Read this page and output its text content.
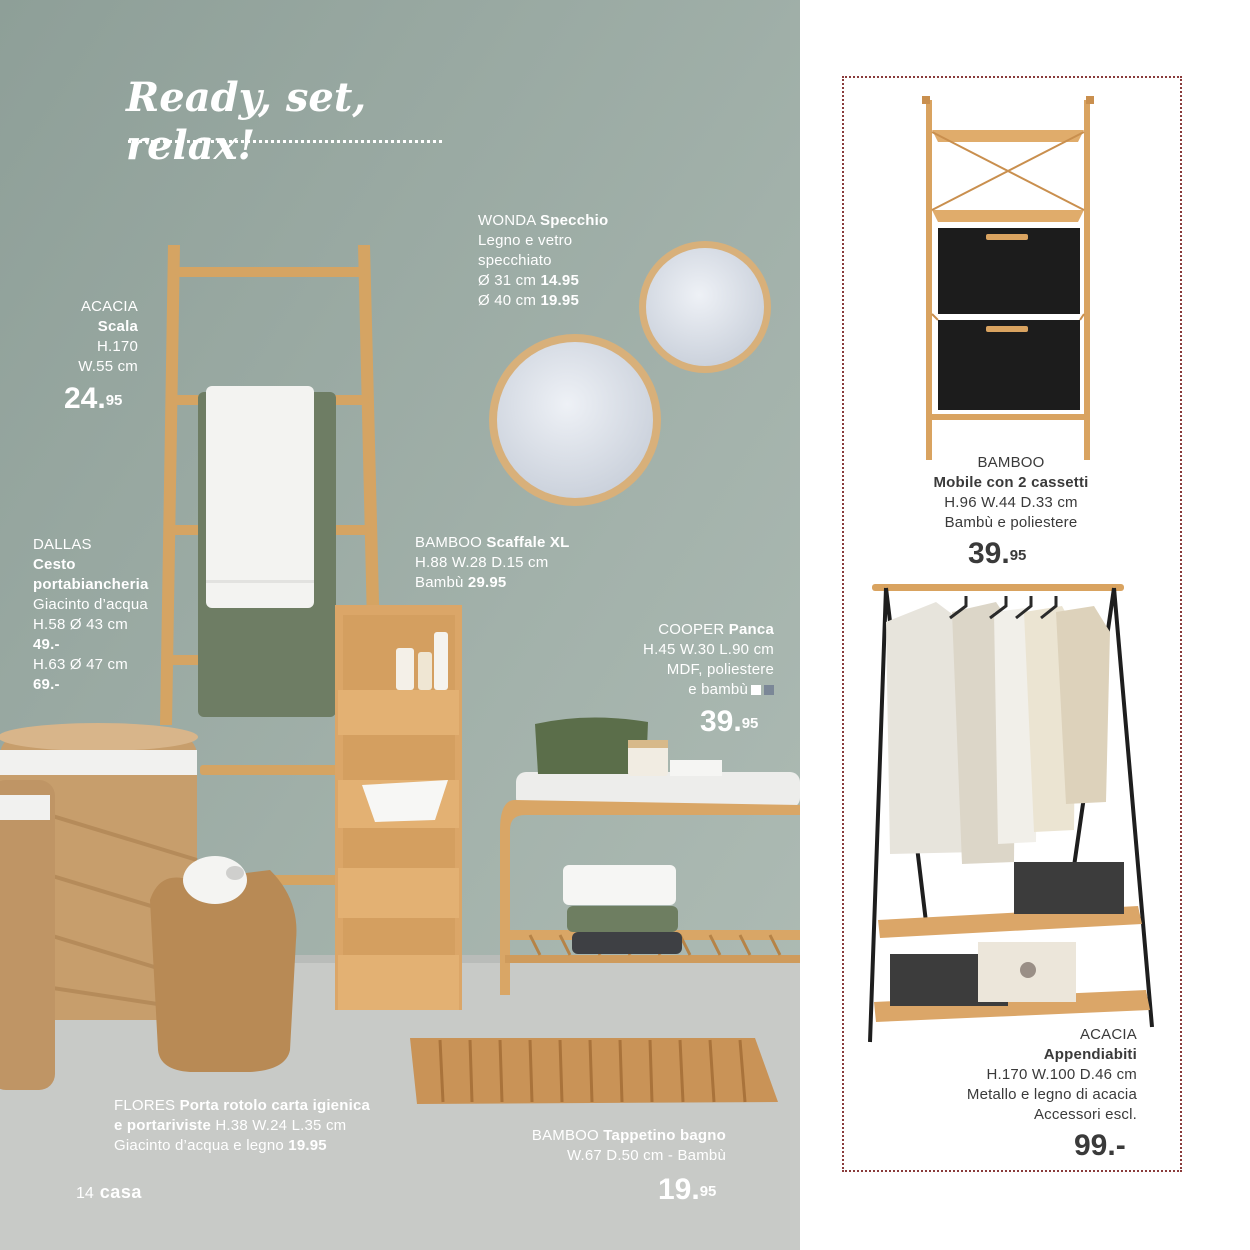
Ready, set, relax!
WONDA Specchio
Legno e vetro
specchiato
Ø 31 cm 14.95
Ø 40 cm 19.95
ACACIA
Scala
H.170
W.55 cm
24.95
DALLAS
Cesto
portabiancheria
Giacinto d’acqua
H.58 Ø 43 cm
49.-
H.63 Ø 47 cm
69.-
BAMBOO Scaffale XL
H.88 W.28 D.15 cm
Bambù 29.95
COOPER Panca
H.45 W.30 L.90 cm
MDF, poliestere
e bambù
39.95
FLORES Porta rotolo carta igienica
e portariviste H.38 W.24 L.35 cm
Giacinto d’acqua e legno 19.95
BAMBOO Tappetino bagno
W.67 D.50 cm - Bambù
19.95
14 casa
BAMBOO
Mobile con 2 cassetti
H.96 W.44 D.33 cm
Bambù e poliestere
39.95
ACACIA
Appendiabiti
H.170 W.100 D.46 cm
Metallo e legno di acacia
Accessori escl.
99.-
